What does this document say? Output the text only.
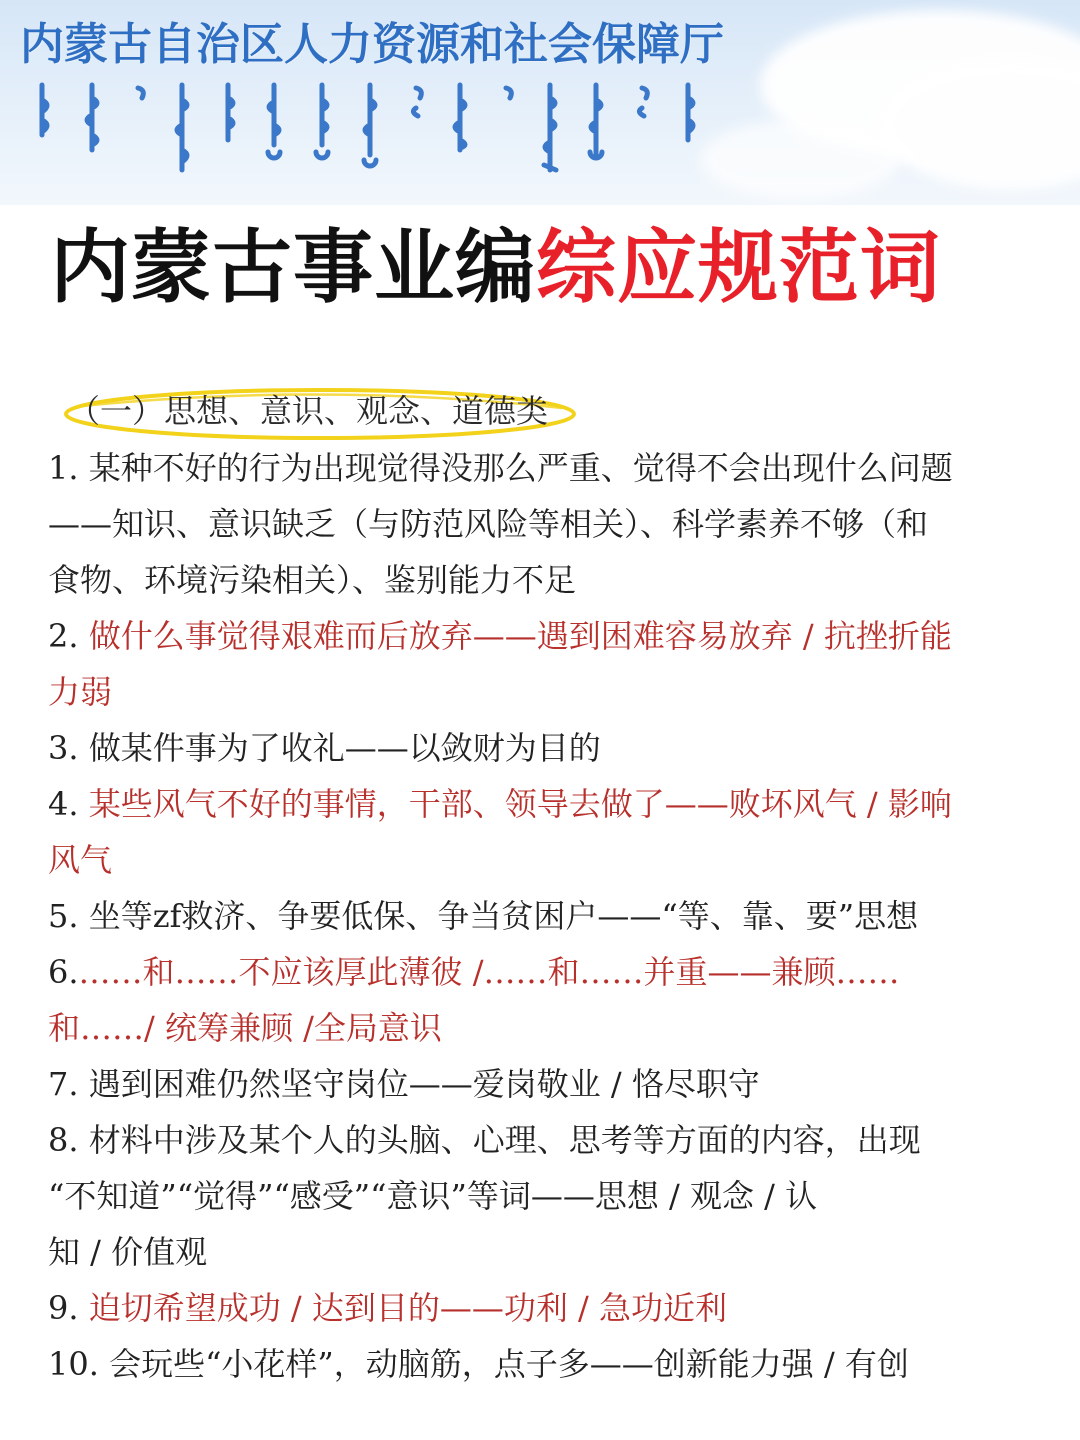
内蒙古自治区人力资源和社会保障厅
内蒙古事业编综应规范词
（一）思想、意识、观念、道德类
1. 某种不好的行为出现觉得没那么严重、觉得不会出现什么问题
——知识、意识缺乏（与防范风险等相关）、科学素养不够（和
食物、环境污染相关）、鉴别能力不足
2. 做什么事觉得艰难而后放弃——遇到困难容易放弃 / 抗挫折能
力弱
3. 做某件事为了收礼——以敛财为目的
4. 某些风气不好的事情，干部、领导去做了——败坏风气 / 影响
风气
5. 坐等zf救济、争要低保、争当贫困户——“等、靠、要”思想
6.……和……不应该厚此薄彼 /……和……并重——兼顾……
和……/ 统筹兼顾 /全局意识
7. 遇到困难仍然坚守岗位——爱岗敬业 / 恪尽职守
8. 材料中涉及某个人的头脑、心理、思考等方面的内容，出现
“不知道”“觉得”“感受”“意识”等词——思想 / 观念 / 认
知 / 价值观
9. 迫切希望成功 / 达到目的——功利 / 急功近利
10. 会玩些“小花样”，动脑筋，点子多——创新能力强 / 有创
